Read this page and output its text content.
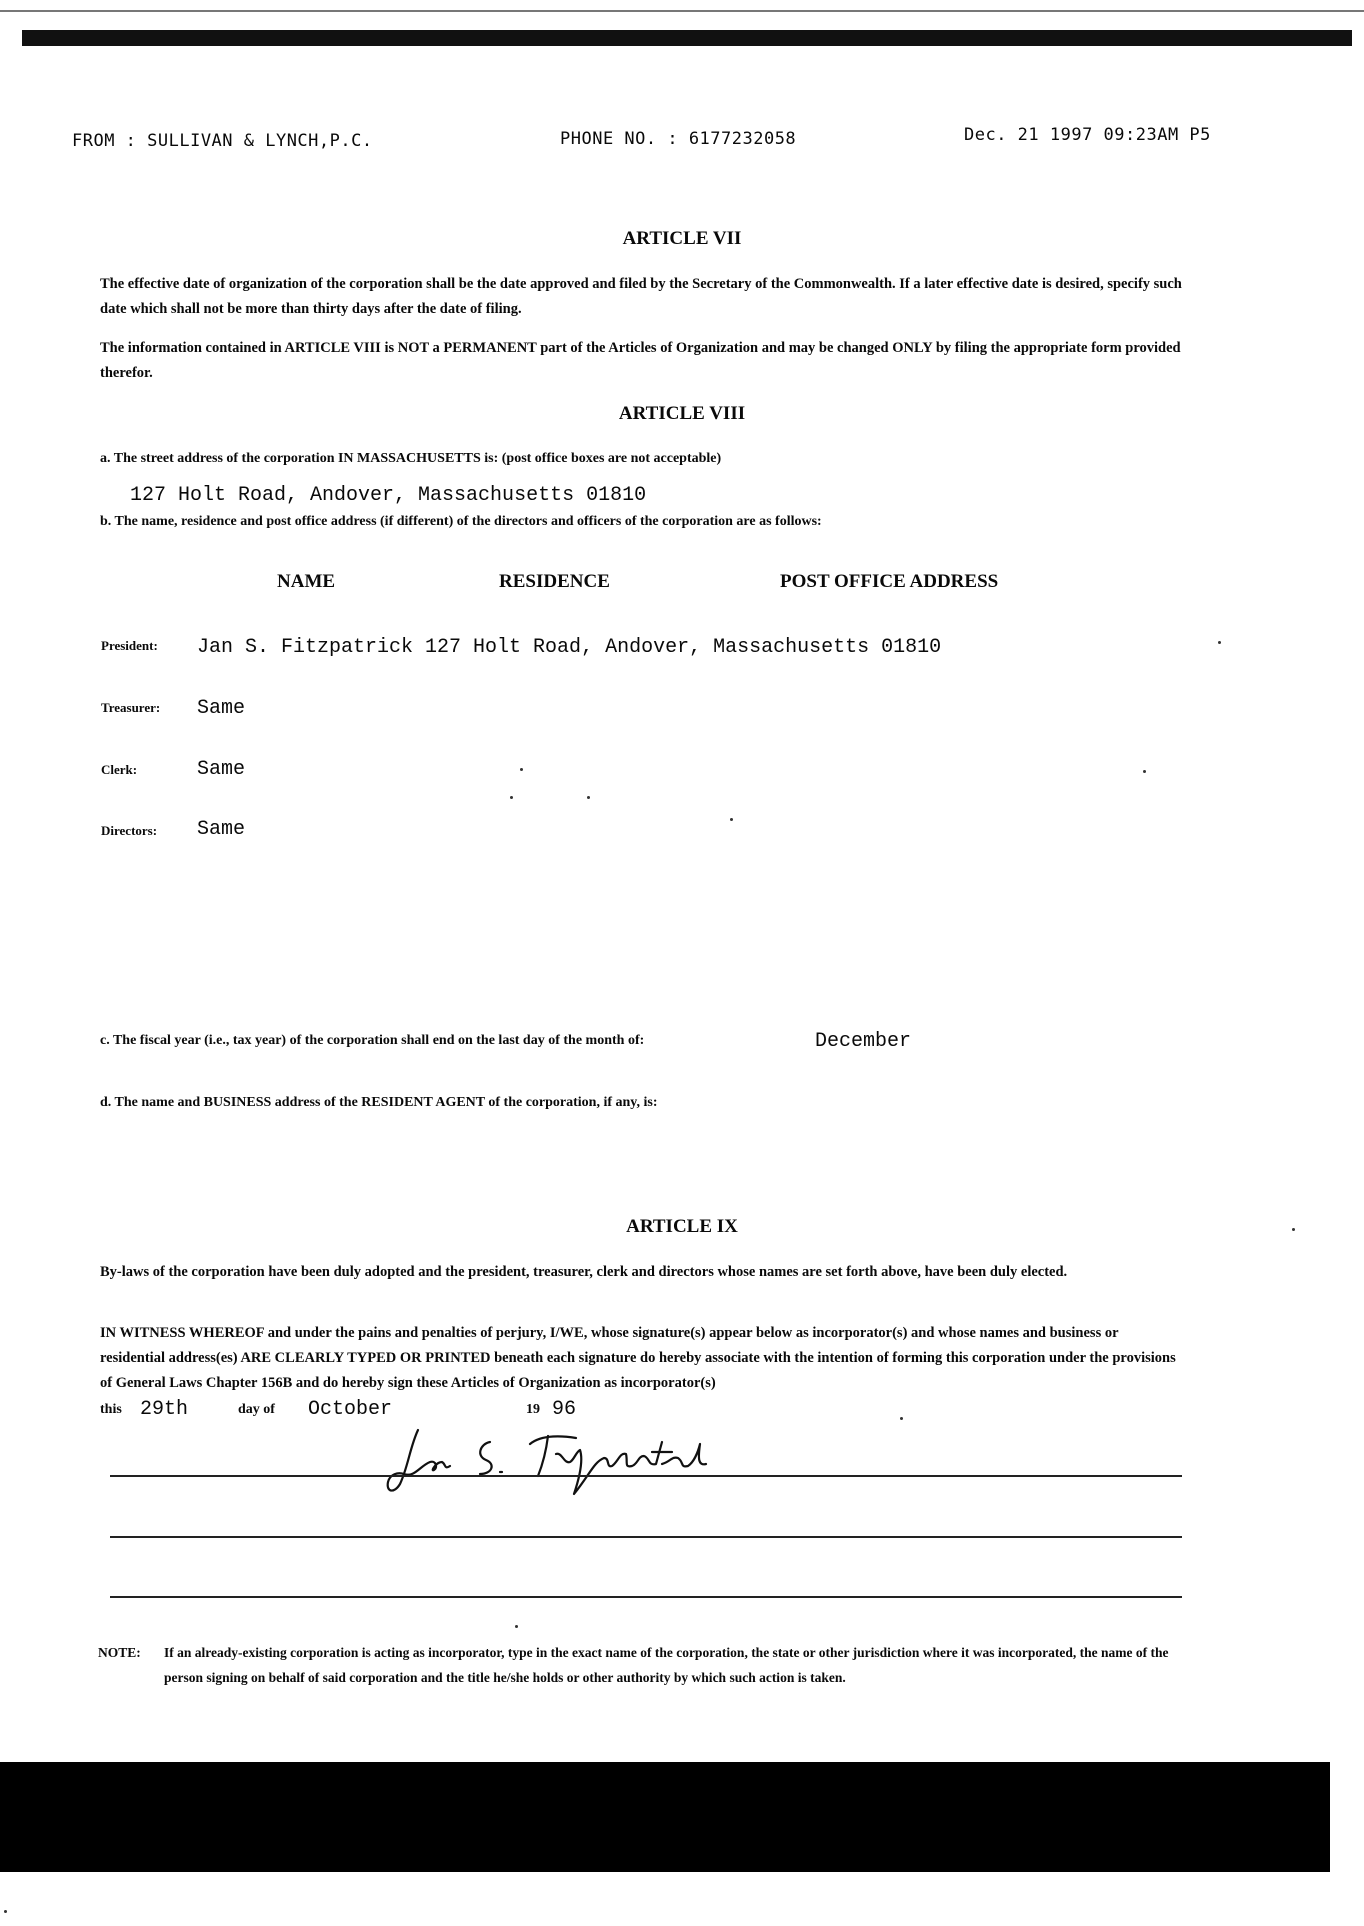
FROM : SULLIVAN & LYNCH,P.C.	PHONE NO. : 6177232058	Dec. 21 1997 09:23AM P5
ARTICLE VII
The effective date of organization of the corporation shall be the date approved and filed by the Secretary of the Commonwealth. If a later effective date is desired, specify such date which shall not be more than thirty days after the date of filing.
The information contained in ARTICLE VIII is NOT a PERMANENT part of the Articles of Organization and may be changed ONLY by filing the appropriate form provided therefor.
ARTICLE VIII
a. The street address of the corporation IN MASSACHUSETTS is: (post office boxes are not acceptable)
127 Holt Road, Andover, Massachusetts 01810
b. The name, residence and post office address (if different) of the directors and officers of the corporation are as follows:
NAME	RESIDENCE	POST OFFICE ADDRESS
President: Jan S. Fitzpatrick 127 Holt Road, Andover, Massachusetts 01810
Treasurer: Same
Clerk:	Same
Directors: Same
c. The fiscal year (i.e., tax year) of the corporation shall end on the last day of the month of:	December
d. The name and BUSINESS address of the RESIDENT AGENT of the corporation, if any, is:
ARTICLE IX
By-laws of the corporation have been duly adopted and the president, treasurer, clerk and directors whose names are set forth above, have been duly elected.
IN WITNESS WHEREOF and under the pains and penalties of perjury, I/WE, whose signature(s) appear below as incorporator(s) and whose names and business or residential address(es) ARE CLEARLY TYPED OR PRINTED beneath each signature do hereby associate with the intention of forming this corporation under the provisions of General Laws Chapter 156B and do hereby sign these Articles of Organization as incorporator(s)
this 29th	day of October	19 96
NOTE: If an already-existing corporation is acting as incorporator, type in the exact name of the corporation, the state or other jurisdiction where it was incorporated, the name of the person signing on behalf of said corporation and the title he/she holds or other authority by which such action is taken.
